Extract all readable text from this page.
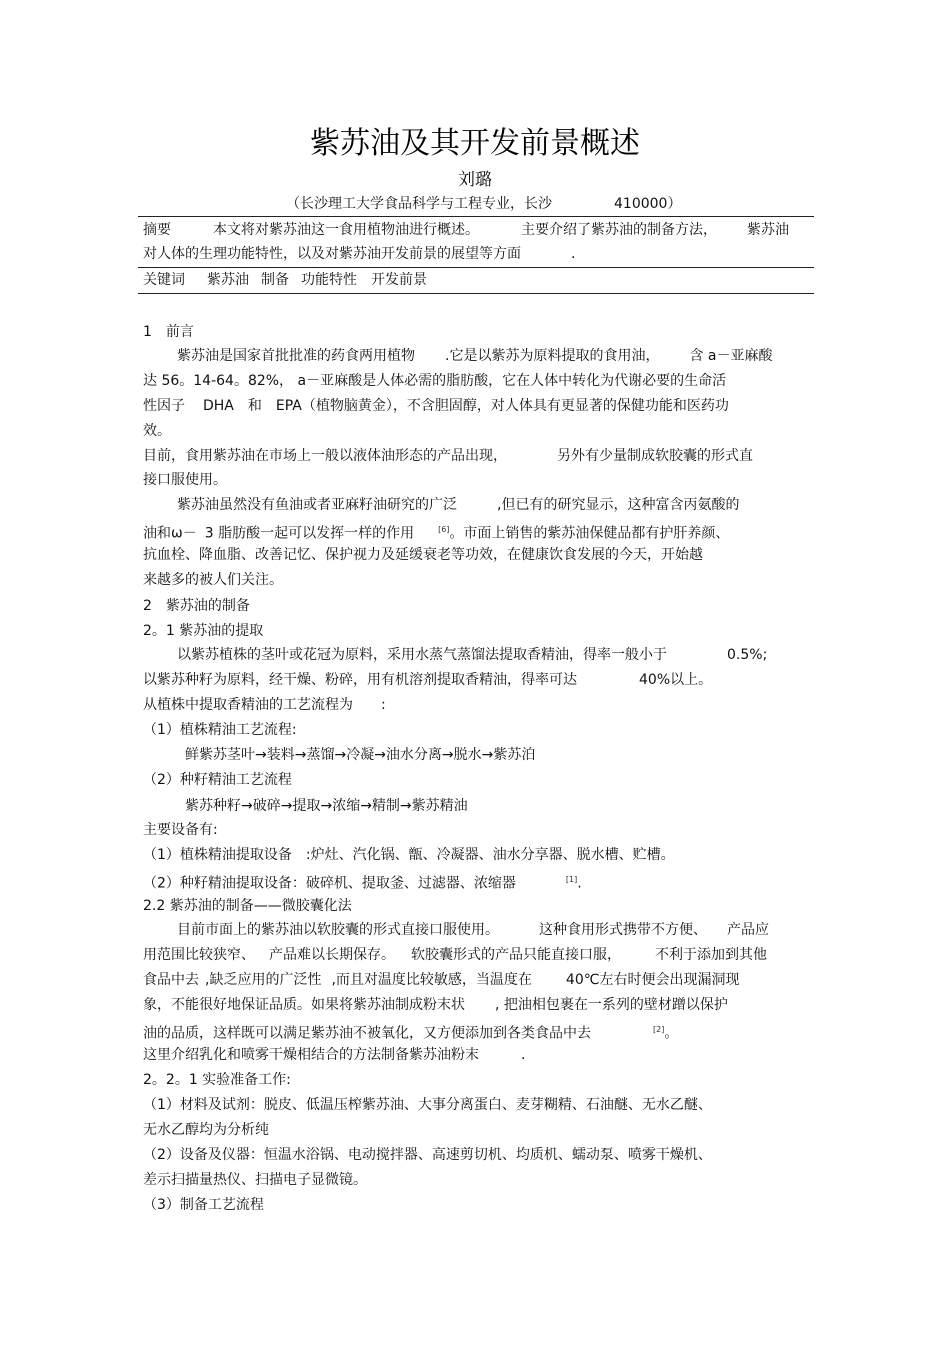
紫苏油及其开发前景概述
刘璐
（长沙理工大学食品科学与工程专业，长沙	410000）
摘要	本文将对紫苏油这一食用植物油进行概述。	主要介绍了紫苏油的制备方法， 紫苏油
对人体的生理功能特性，以及对紫苏油开发前景的展望等方面	.
关键词 紫苏油 制备 功能特性 开发前景
1　前言
紫苏油是国家首批批准的药食两用植物 .它是以紫苏为原料提取的食用油， 含 a－亚麻酸
达 56。14-64。82%， a－亚麻酸是人体必需的脂肪酸，它在人体中转化为代谢必要的生命活
性因子 DHA 和 EPA（植物脑黄金），不含胆固醇，对人体具有更显著的保健功能和医药功
效。
目前，食用紫苏油在市场上一般以液体油形态的产品出现，	另外有少量制成软胶囊的形式直
接口服使用。
紫苏油虽然没有鱼油或者亚麻籽油研究的广泛	,但已有的研究显示，这种富含丙氨酸的
油和ω－ 3 脂肪酸一起可以发挥一样的作用	[6]。市面上销售的紫苏油保健品都有护肝养颜、
抗血栓、降血脂、改善记忆、保护视力及延缓衰老等功效，在健康饮食发展的今天，开始越
来越多的被人们关注。
2　紫苏油的制备
2。1 紫苏油的提取
以紫苏植株的茎叶或花冠为原料，采用水蒸气蒸馏法提取香精油，得率一般小于	0.5%;
以紫苏种籽为原料，经干燥、粉碎，用有机溶剂提取香精油，得率可达	40%以上。
从植株中提取香精油的工艺流程为 :
（1）植株精油工艺流程:
鲜紫苏茎叶→装料→蒸馏→冷凝→油水分离→脱水→紫苏泊
（2）种籽精油工艺流程
紫苏种籽→破碎→提取→浓缩→精制→紫苏精油
主要设备有:
（1）植株精油提取设备 :炉灶、汽化锅、甑、冷凝器、油水分享器、脱水槽、贮槽。
（2）种籽精油提取设备：破碎机、提取釜、过滤器、浓缩器	[1].
2.2 紫苏油的制备——微胶囊化法
目前市面上的紫苏油以软胶囊的形式直接口服使用。	这种食用形式携带不方便、 产品应
用范围比较狭窄、 产品难以长期保存。 软胶囊形式的产品只能直接口服， 不利于添加到其他
食品中去 ,缺乏应用的广泛性 ,而且对温度比较敏感，当温度在 40℃左右时便会出现漏洞现
象，不能很好地保证品质。如果将紫苏油制成粉末状 , 把油相包裹在一系列的壁材蹭以保护
油的品质，这样既可以满足紫苏油不被氧化，又方便添加到各类食品中去	[2]。
这里介绍乳化和喷雾干燥相结合的方法制备紫苏油粉末	.
2。2。1 实验准备工作:
（1）材料及试剂：脱皮、低温压榨紫苏油、大事分离蛋白、麦芽糊精、石油醚、无水乙醚、
无水乙醇均为分析纯
（2）设备及仪器：恒温水浴锅、电动搅拌器、高速剪切机、均质机、蠕动泵、喷雾干燥机、
差示扫描量热仪、扫描电子显微镜。
（3）制备工艺流程
